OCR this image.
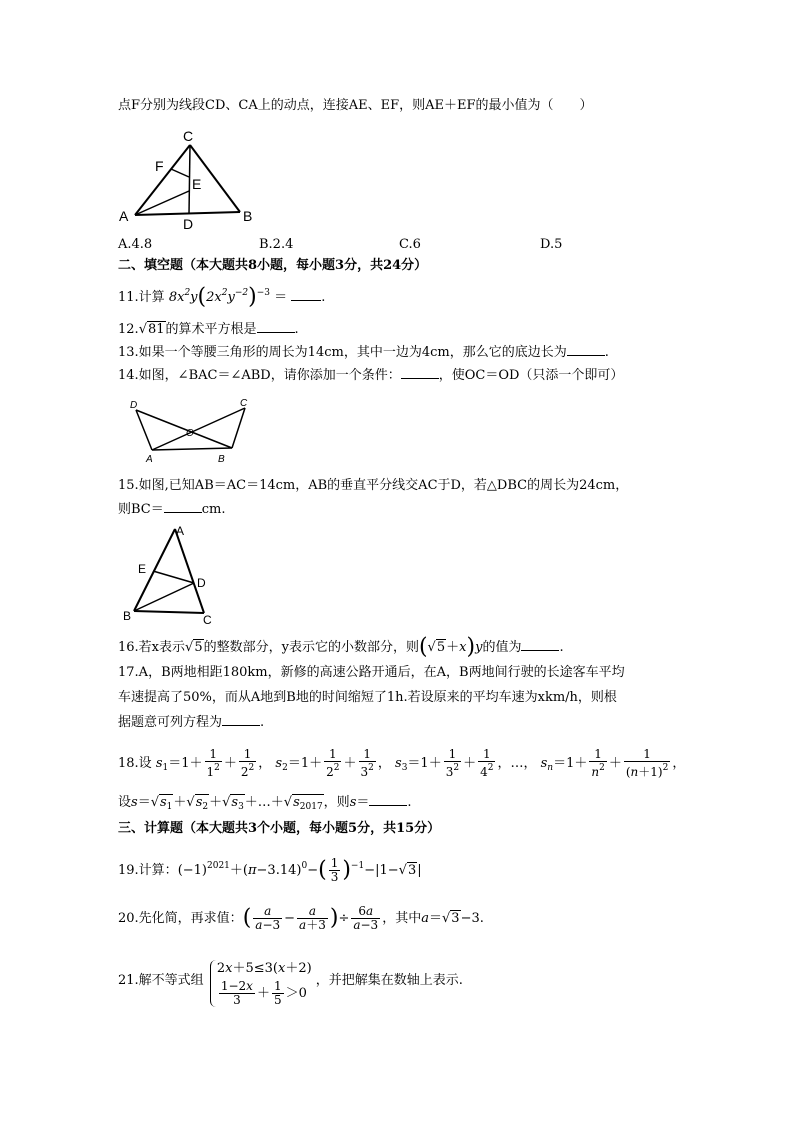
点F分别为线段CD、CA上的动点，连接AE、EF，则AE＋EF的最小值为（　　）
C
F
E
A	D	B
A.4.8	B.2.4	C.6	D.5
二、填空题（本大题共8小题，每小题3分，共24分）
11.计算 $8x^2y(2x^2y^{-2})^{-3}$ ＝ .
12.√81的算术平方根是	.
13.如果一个等腰三角形的周长为14cm，其中一边为4cm，那么它的底边长为	.
14.如图，∠BAC＝∠ABD，请你添加一个条件：	，使OC＝OD（只添一个即可）
D	C
O
A	B
15.如图,已知AB＝AC＝14cm，AB的垂直平分线交AC于D，若△DBC的周长为24cm，
则BC＝	cm.
A
E
D
B	C
16.若x表示√5的整数部分，y表示它的小数部分，则(√5＋x)y的值为	.
17.A，B两地相距180km，新修的高速公路开通后，在A，B两地间行驶的长途客车平均
车速提高了50%，而从A地到B地的时间缩短了1h.若设原来的平均车速为xkm/h，则根
据题意可列方程为	.
18.设 $s_1=1+ \frac{1}{1^2} + \frac{1}{2^2}$ ， $s_2=1+ \frac{1}{2^2} + \frac{1}{3^2}$ ， $s_3=1+ \frac{1}{3^2} + \frac{1}{4^2}$ ，…， $s_n=1+ \frac{1}{n^2} + \frac{1}{(n+1)^2}$ ，
设$s=√s_1+√s_2+√s_3+\dots+√s_{2017}$，则s＝	.
三、计算题（本大题共3个小题，每小题5分，共15分）
19.计算：$(-1)^{2021}+(\pi-3.14)^0-( \frac{1}{3} )^{-1}-|1-√3|$
20.先化简，再求值：( $\frac{a}{a-3} - \frac{a}{a+3}$ )÷ $\frac{6a}{a-3}$ ，其中a＝√3−3.
21.解不等式组
2x＋5≤3(x＋2)
$\frac{1-2x}{3} + \frac{1}{5} >0$
，并把解集在数轴上表示.
